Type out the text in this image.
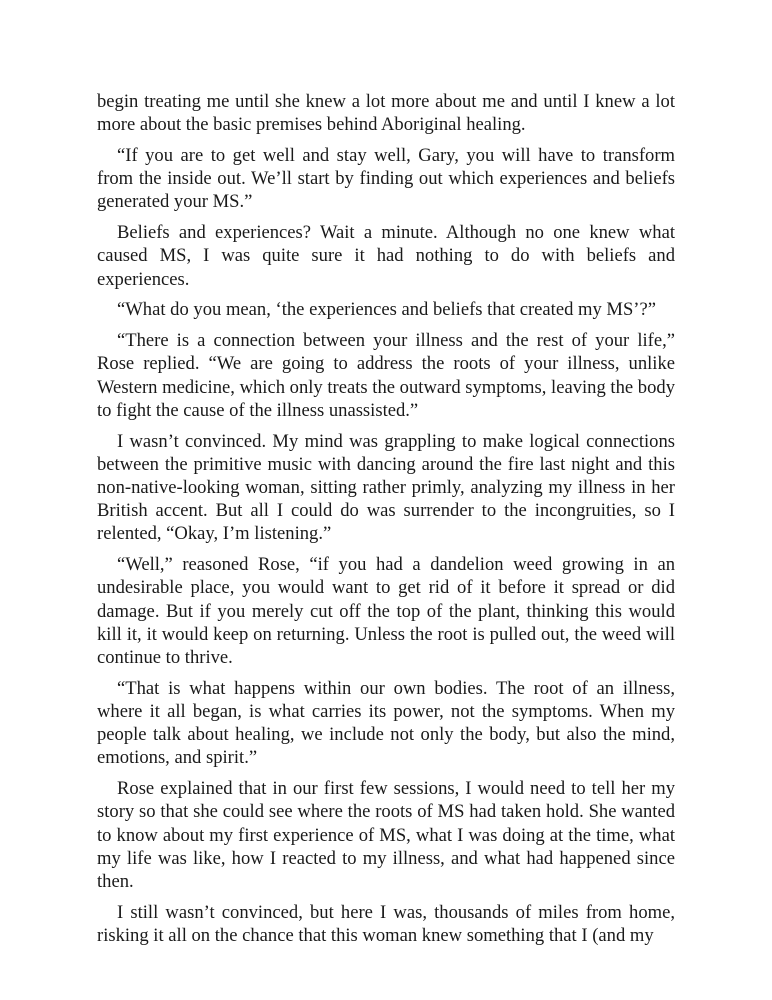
begin treating me until she knew a lot more about me and until I knew a lot more about the basic premises behind Aboriginal healing.

“If you are to get well and stay well, Gary, you will have to transform from the inside out. We’ll start by finding out which experiences and beliefs generated your MS.”

Beliefs and experiences? Wait a minute. Although no one knew what caused MS, I was quite sure it had nothing to do with beliefs and experiences.

“What do you mean, ‘the experiences and beliefs that created my MS’?”

“There is a connection between your illness and the rest of your life,” Rose replied. “We are going to address the roots of your illness, unlike Western medicine, which only treats the outward symptoms, leaving the body to fight the cause of the illness unassisted.”

I wasn’t convinced. My mind was grappling to make logical connections between the primitive music with dancing around the fire last night and this non-native-looking woman, sitting rather primly, analyzing my illness in her British accent. But all I could do was surrender to the incongruities, so I relented, “Okay, I’m listening.”

“Well,” reasoned Rose, “if you had a dandelion weed growing in an undesirable place, you would want to get rid of it before it spread or did damage. But if you merely cut off the top of the plant, thinking this would kill it, it would keep on returning. Unless the root is pulled out, the weed will continue to thrive.

“That is what happens within our own bodies. The root of an illness, where it all began, is what carries its power, not the symptoms. When my people talk about healing, we include not only the body, but also the mind, emotions, and spirit.”

Rose explained that in our first few sessions, I would need to tell her my story so that she could see where the roots of MS had taken hold. She wanted to know about my first experience of MS, what I was doing at the time, what my life was like, how I reacted to my illness, and what had happened since then.

I still wasn’t convinced, but here I was, thousands of miles from home, risking it all on the chance that this woman knew something that I (and my
